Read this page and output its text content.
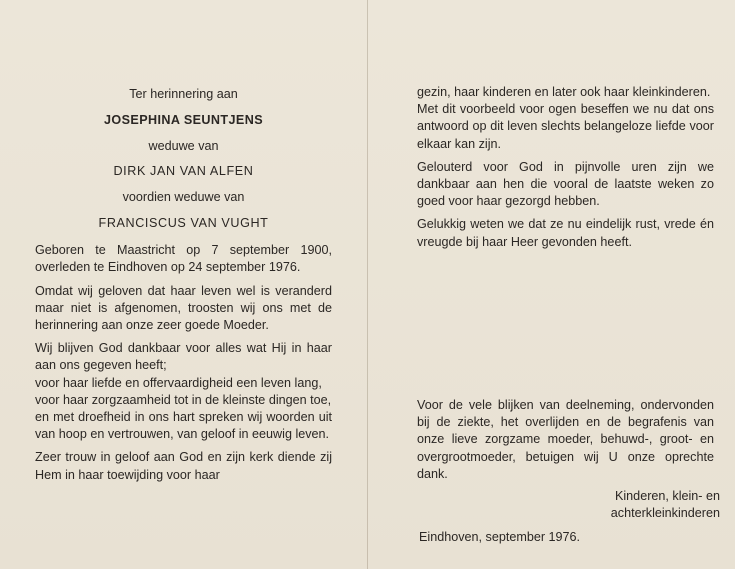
Ter herinnering aan
JOSEPHINA SEUNTJENS
weduwe van
DIRK JAN VAN ALFEN
voordien weduwe van
FRANCISCUS VAN VUGHT

Geboren te Maastricht op 7 september 1900, overleden te Eindhoven op 24 september 1976.

Omdat wij geloven dat haar leven wel is veranderd maar niet is afgenomen, troosten wij ons met de herinnering aan onze zeer goede Moeder.

Wij blijven God dankbaar voor alles wat Hij in haar aan ons gegeven heeft;

voor haar liefde en offervaardigheid een leven lang,

voor haar zorgzaamheid tot in de kleinste dingen toe,

en met droefheid in ons hart spreken wij woorden uit van hoop en vertrouwen, van geloof in eeuwig leven.

Zeer trouw in geloof aan God en zijn kerk diende zij Hem in haar toewijding voor haar

gezin, haar kinderen en later ook haar kleinkinderen.

Met dit voorbeeld voor ogen beseffen we nu dat ons antwoord op dit leven slechts belangeloze liefde voor elkaar kan zijn.

Gelouterd voor God in pijnvolle uren zijn we dankbaar aan hen die vooral de laatste weken zo goed voor haar gezorgd hebben.

Gelukkig weten we dat ze nu eindelijk rust, vrede én vreugde bij haar Heer gevonden heeft.

Voor de vele blijken van deelneming, ondervonden bij de ziekte, het overlijden en de begrafenis van onze lieve zorgzame moeder, behuwd-, groot- en overgrootmoeder, betuigen wij U onze oprechte dank.

Kinderen, klein- en
achterkleinkinderen
Eindhoven, september 1976.
